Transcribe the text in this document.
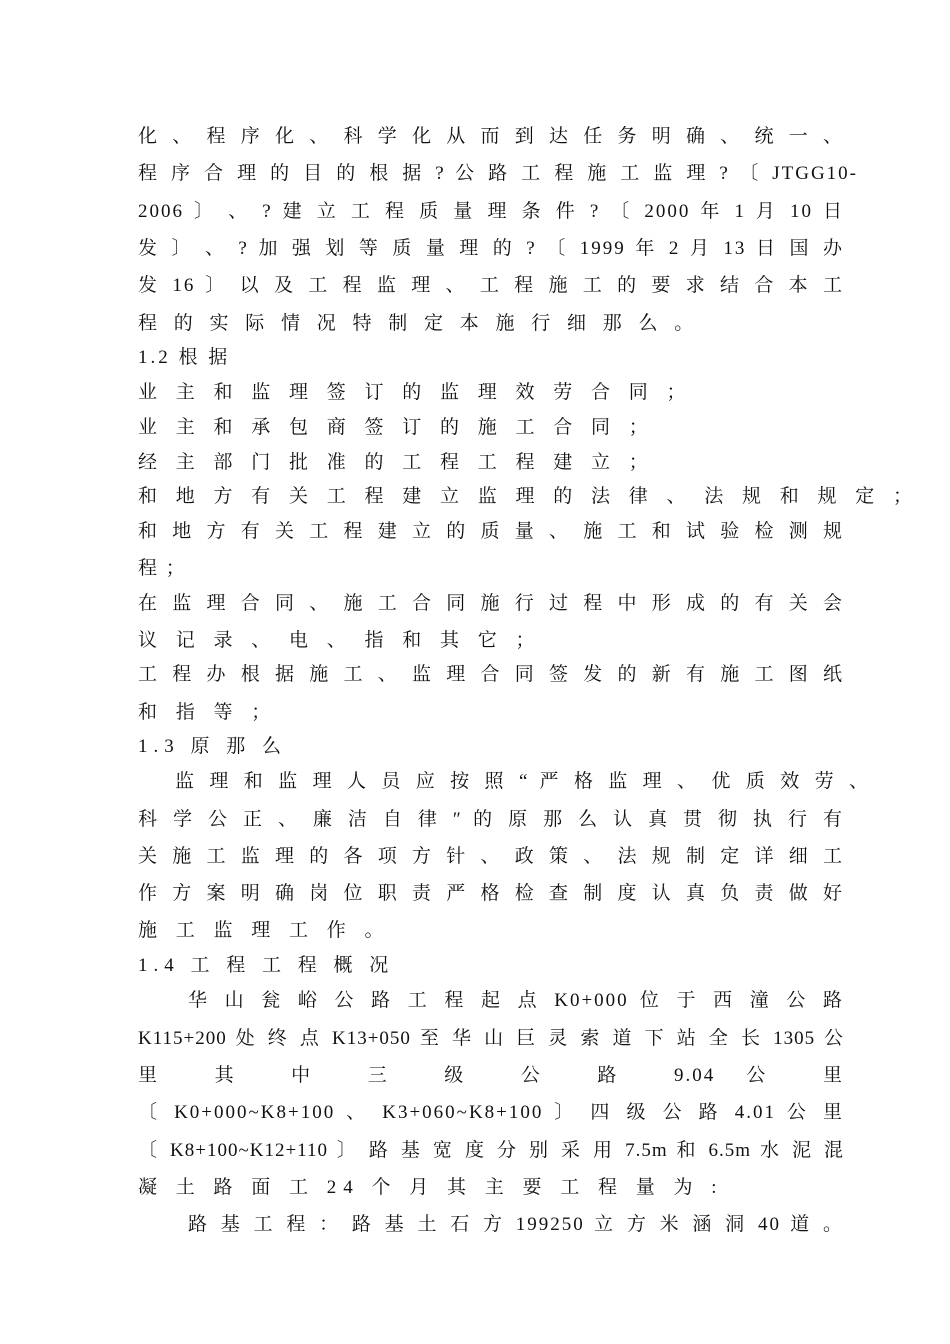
化 、 程 序 化 、 科 学 化 从 而 到 达 任 务 明 确 、 统 一 、
程 序 合 理 的 目 的 根 据 ? 公 路 工 程 施 工 监 理 ? 〔 JTGG10-
2006 〕 、 ? 建 立 工 程 质 量 理 条 件 ? 〔 2000 年 1 月 10 日
发 〕 、 ? 加 强 划 等 质 量 理 的 ? 〔 1999 年 2 月 13 日 国 办
发 16 〕 以 及 工 程 监 理 、 工 程 施 工 的 要 求 结 合 本 工
程 的 实 际 情 况 特 制 定 本 施 行 细 那 么 。
1.2 根 据
业 主 和 监 理 签 订 的 监 理 效 劳 合 同 ；
业 主 和 承 包 商 签 订 的 施 工 合 同 ；
经 主 部 门 批 准 的 工 程 工 程 建 立 ；
和 地 方 有 关 工 程 建 立 监 理 的 法 律 、 法 规 和 规 定 ；
和 地 方 有 关 工 程 建 立 的 质 量 、 施 工 和 试 验 检 测 规
程 ；
在 监 理 合 同 、 施 工 合 同 施 行 过 程 中 形 成 的 有 关 会
议 记 录 、 电 、 指 和 其 它 ；
工 程 办 根 据 施 工 、 监 理 合 同 签 发 的 新 有 施 工 图 纸
和 指 等 ；
1.3 原 那 么
监 理 和 监 理 人 员 应 按 照 “ 严 格 监 理 、 优 质 效 劳 、
科 学 公 正 、 廉 洁 自 律 ″ 的 原 那 么 认 真 贯 彻 执 行 有
关 施 工 监 理 的 各 项 方 针 、 政 策 、 法 规 制 定 详 细 工
作 方 案 明 确 岗 位 职 责 严 格 检 查 制 度 认 真 负 责 做 好
施 工 监 理 工 作 。
1.4 工 程 工 程 概 况
华 山 瓮 峪 公 路 工 程 起 点 K0+000 位 于 西 潼 公 路
K115+200 处 终 点 K13+050 至 华 山 巨 灵 索 道 下 站 全 长 1305 公
里 其 中 三 级 公 路 9.04 公 里
〔 K0+000~K8+100 、 K3+060~K8+100 〕 四 级 公 路 4.01 公 里
〔 K8+100~K12+110 〕 路 基 宽 度 分 别 采 用 7.5m 和 6.5m 水 泥 混
凝 土 路 面 工 24 个 月 其 主 要 工 程 量 为 :
路 基 工 程 ： 路 基 土 石 方 199250 立 方 米 涵 洞 40 道 。
